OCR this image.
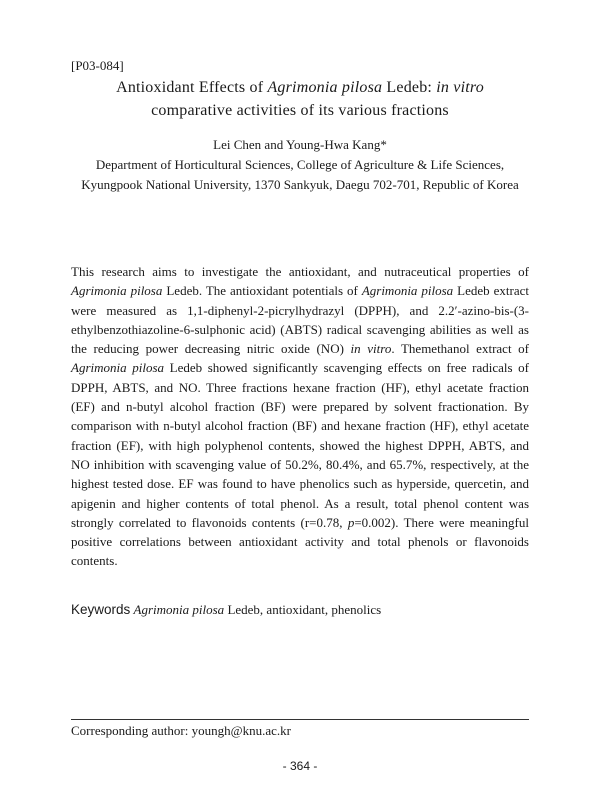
[P03-084]
Antioxidant Effects of Agrimonia pilosa Ledeb: in vitro
comparative activities of its various fractions
Lei Chen and Young-Hwa Kang*
Department of Horticultural Sciences, College of Agriculture & Life Sciences, Kyungpook National University, 1370 Sankyuk, Daegu 702-701, Republic of Korea
This research aims to investigate the antioxidant, and nutraceutical properties of Agrimonia pilosa Ledeb. The antioxidant potentials of Agrimonia pilosa Ledeb extract were measured as 1,1-diphenyl-2-picrylhydrazyl (DPPH), and 2.2′-azino-bis-(3-ethylbenzothiazoline-6-sulphonic acid) (ABTS) radical scavenging abilities as well as the reducing power decreasing nitric oxide (NO) in vitro. Themethanol extract of Agrimonia pilosa Ledeb showed significantly scavenging effects on free radicals of DPPH, ABTS, and NO. Three fractions hexane fraction (HF), ethyl acetate fraction (EF) and n-butyl alcohol fraction (BF) were prepared by solvent fractionation. By comparison with n-butyl alcohol fraction (BF) and hexane fraction (HF), ethyl acetate fraction (EF), with high polyphenol contents, showed the highest DPPH, ABTS, and NO inhibition with scavenging value of 50.2%, 80.4%, and 65.7%, respectively, at the highest tested dose. EF was found to have phenolics such as hyperside, quercetin, and apigenin and higher contents of total phenol. As a result, total phenol content was strongly correlated to flavonoids contents (r=0.78, p=0.002). There were meaningful positive correlations between antioxidant activity and total phenols or flavonoids contents.
Keywords Agrimonia pilosa Ledeb, antioxidant, phenolics
Corresponding author: youngh@knu.ac.kr
- 364 -
